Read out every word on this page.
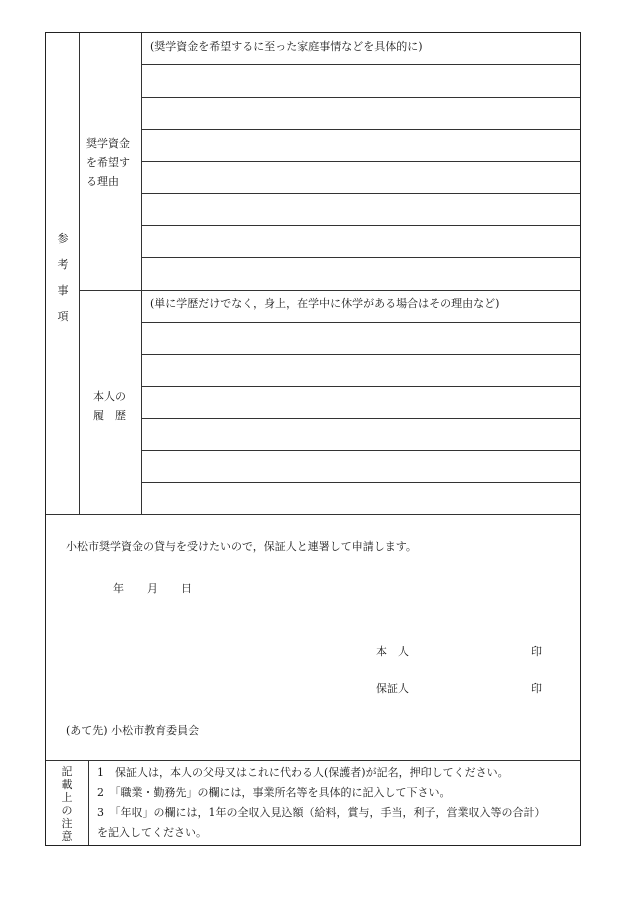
参
考
事
項
奨学資金
を希望す
る理由
(奨学資金を希望するに至った家庭事情などを具体的に)
本人の
履　歴
(単に学歴だけでなく，身上，在学中に休学がある場合はその理由など)
小松市奨学資金の貸与を受けたいので，保証人と連署して申請します。
年 月 日
本　人	印
保証人	印
(あて先) 小松市教育委員会
記
載
上
の
注
意
1　保証人は，本人の父母又はこれに代わる人(保護者)が記名，押印してください。
2　「職業・勤務先」の欄には，事業所名等を具体的に記入して下さい。
3　「年収」の欄には，1年の全収入見込額（給料，賞与，手当，利子，営業収入等の合計）
を記入してください。
